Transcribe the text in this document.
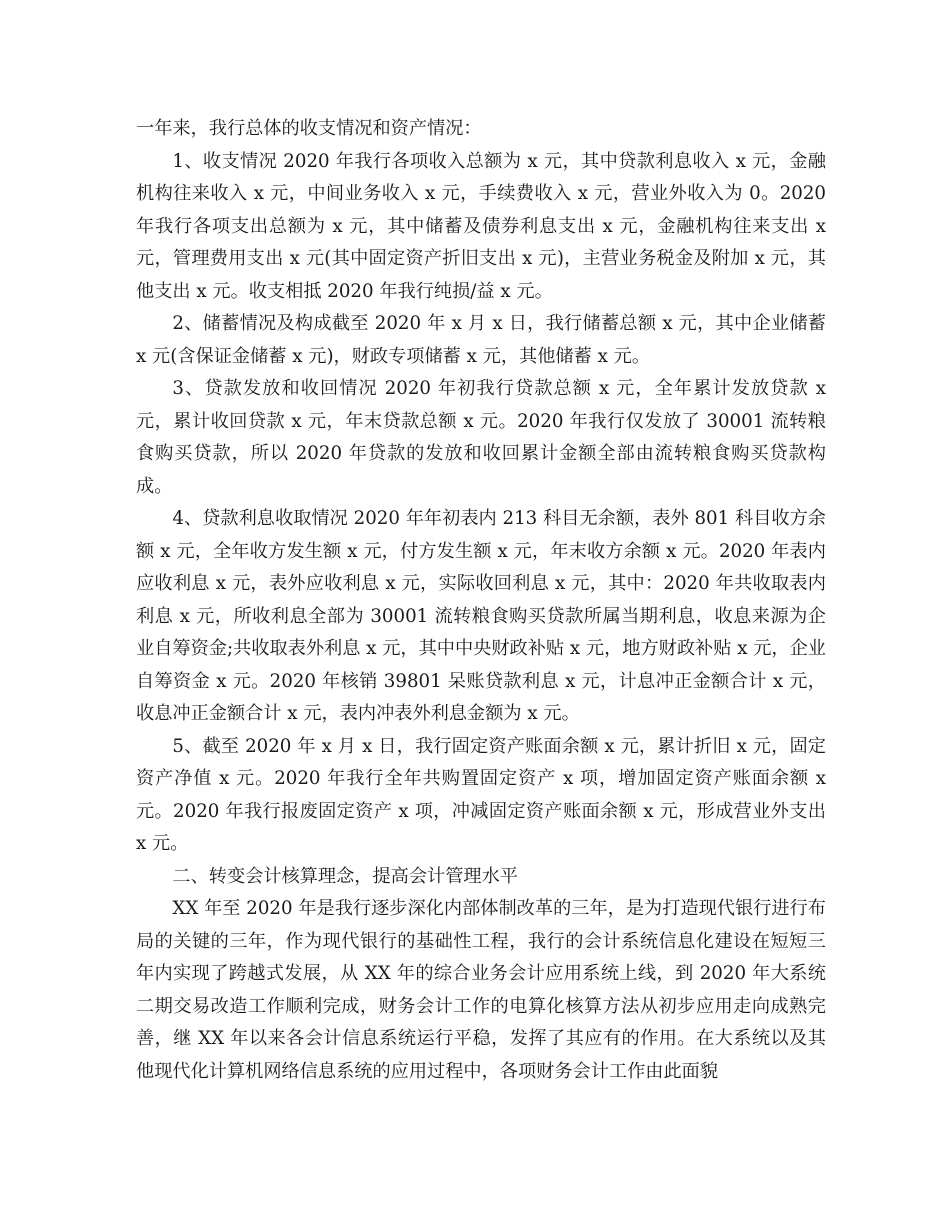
一年来，我行总体的收支情况和资产情况：

1、收支情况 2020 年我行各项收入总额为 x 元，其中贷款利息收入 x 元，金融机构往来收入 x 元，中间业务收入 x 元，手续费收入 x 元，营业外收入为 0。2020 年我行各项支出总额为 x 元，其中储蓄及债券利息支出 x 元，金融机构往来支出 x 元，管理费用支出 x 元(其中固定资产折旧支出 x 元)，主营业务税金及附加 x 元，其他支出 x 元。收支相抵 2020 年我行纯损/益 x 元。

2、储蓄情况及构成截至 2020 年 x 月 x 日，我行储蓄总额 x 元，其中企业储蓄 x 元(含保证金储蓄 x 元)，财政专项储蓄 x 元，其他储蓄 x 元。

3、贷款发放和收回情况 2020 年初我行贷款总额 x 元，全年累计发放贷款 x 元，累计收回贷款 x 元，年末贷款总额 x 元。2020 年我行仅发放了 30001 流转粮食购买贷款，所以 2020 年贷款的发放和收回累计金额全部由流转粮食购买贷款构成。

4、贷款利息收取情况 2020 年年初表内 213 科目无余额，表外 801 科目收方余额 x 元，全年收方发生额 x 元，付方发生额 x 元，年末收方余额 x 元。2020 年表内应收利息 x 元，表外应收利息 x 元，实际收回利息 x 元，其中：2020 年共收取表内利息 x 元，所收利息全部为 30001 流转粮食购买贷款所属当期利息，收息来源为企业自筹资金;共收取表外利息 x 元，其中中央财政补贴 x 元，地方财政补贴 x 元，企业自筹资金 x 元。2020 年核销 39801 呆账贷款利息 x 元，计息冲正金额合计 x 元，收息冲正金额合计 x 元，表内冲表外利息金额为 x 元。

5、截至 2020 年 x 月 x 日，我行固定资产账面余额 x 元，累计折旧 x 元，固定资产净值 x 元。2020 年我行全年共购置固定资产 x 项，增加固定资产账面余额 x 元。2020 年我行报废固定资产 x 项，冲减固定资产账面余额 x 元，形成营业外支出 x 元。

二、转变会计核算理念，提高会计管理水平

XX 年至 2020 年是我行逐步深化内部体制改革的三年，是为打造现代银行进行布局的关键的三年，作为现代银行的基础性工程，我行的会计系统信息化建设在短短三年内实现了跨越式发展，从 XX 年的综合业务会计应用系统上线，到 2020 年大系统二期交易改造工作顺利完成，财务会计工作的电算化核算方法从初步应用走向成熟完善，继 XX 年以来各会计信息系统运行平稳，发挥了其应有的作用。在大系统以及其他现代化计算机网络信息系统的应用过程中，各项财务会计工作由此面貌
